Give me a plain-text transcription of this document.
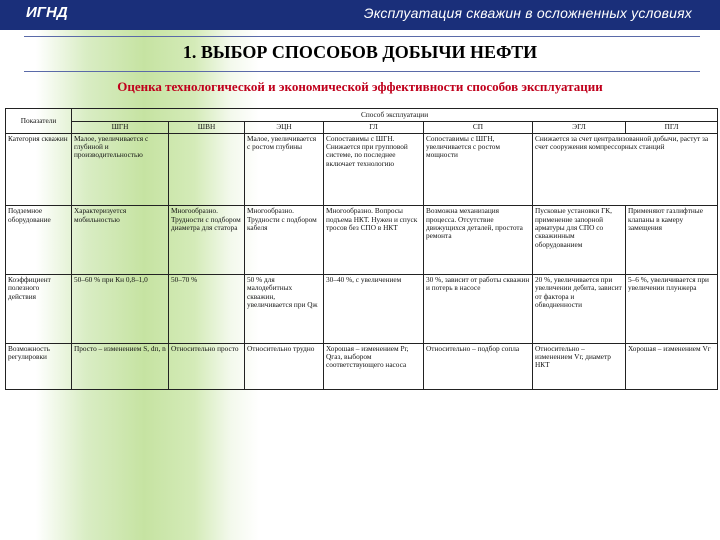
ИГНД	Эксплуатация скважин в осложненных условиях
1. ВЫБОР СПОСОБОВ ДОБЫЧИ НЕФТИ
Оценка технологической и экономической эффективности способов эксплуатации
Показатели	Способ эксплуатации						
	ШГН	ШВН	ЭЦН	ГЛ	СП	ЭГЛ	ПГЛ
Категория скважин	Малое, увеличивается с глубиной и производительностью		Малое, увеличивается с ростом глубины	Сопоставимы с ШГН. Снижается при групповой системе, по последнее включает технологию	Сопоставимы с ШГН, увеличивается с ростом мощности	Снижается за счет централизованной добычи, растут за счет сооружения компрессорных станций	
Подземное оборудование	Характеризуется мобильностью	Многообразно. Трудности с подбором диаметра для статора	Многообразно. Трудности с подбором кабеля	Многообразно. Вопросы подъема НКТ. Нужен и спуск тросов без СПО в НКТ	Возможна механизация процесса. Отсутствие движущихся деталей, простота ремонта	Пусковые установки ГК, применение запорной арматуры для СПО со скважинным оборудованием	Применяют газлифтные клапаны в камеру замещения
Коэффициент полезного действия	50–60 % при Кн 0,8–1,0	50–70 %	50 % для малодебитных скважин, увеличивается при Qж	30–40 %, с увеличением	30 %, зависит от работы скважин и потерь в насосе	20 %, увеличивается при увеличении дебита, зависит от фактора и обводненности	5–6 %, увеличивается при увеличении плунжера
Возможность регулировки	Просто – изменением S, dп, n	Относительно просто	Относительно трудно	Хорошая – изменением Рг, Qгаз, выбором соответствующего насоса	Относительно – подбор сопла	Относительно – изменением Vг, диаметр НКТ	Хорошая – изменением Vг
